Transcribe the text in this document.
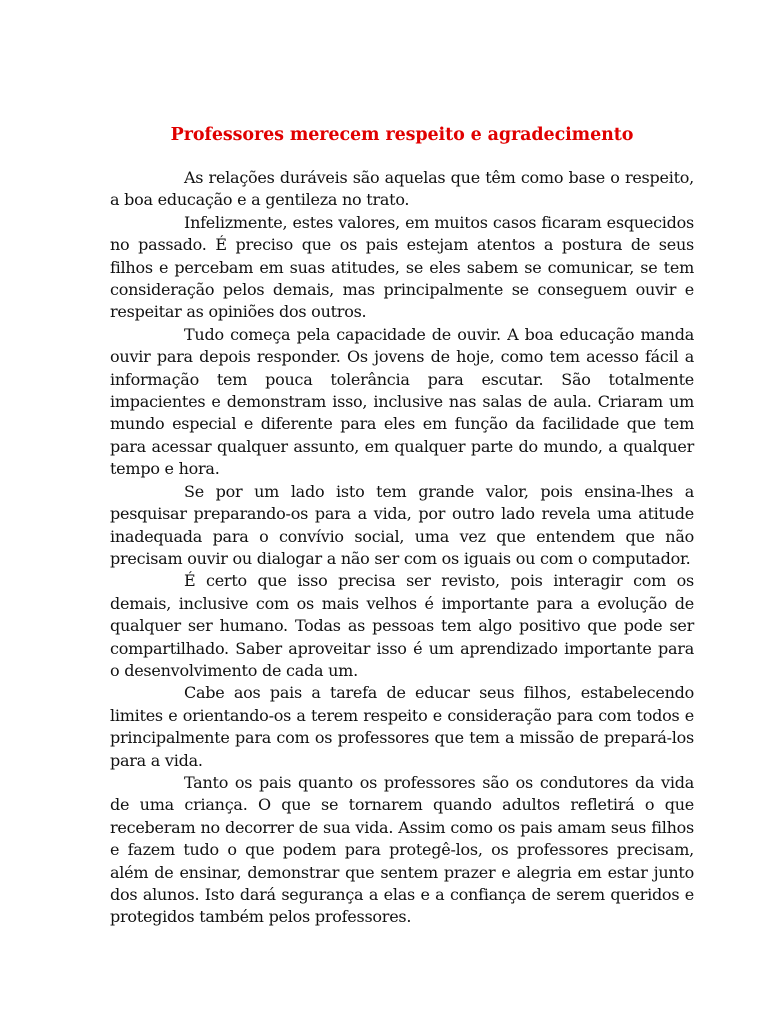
Professores merecem respeito e agradecimento

As relações duráveis são aquelas que têm como base o respeito, a boa educação e a gentileza no trato.

Infelizmente, estes valores, em muitos casos ficaram esquecidos no passado. É preciso que os pais estejam atentos a postura de seus filhos e percebam em suas atitudes, se eles sabem se comunicar, se tem consideração pelos demais, mas principalmente se conseguem ouvir e respeitar as opiniões dos outros.

Tudo começa pela capacidade de ouvir. A boa educação manda ouvir para depois responder. Os jovens de hoje, como tem acesso fácil a informação tem pouca tolerância para escutar. São totalmente impacientes e demonstram isso, inclusive nas salas de aula. Criaram um mundo especial e diferente para eles em função da facilidade que tem para acessar qualquer assunto, em qualquer parte do mundo, a qualquer tempo e hora.

Se por um lado isto tem grande valor, pois ensina-lhes a pesquisar preparando-os para a vida, por outro lado revela uma atitude inadequada para o convívio social, uma vez que entendem que não precisam ouvir ou dialogar a não ser com os iguais ou com o computador.

É certo que isso precisa ser revisto, pois interagir com os demais, inclusive com os mais velhos é importante para a evolução de qualquer ser humano. Todas as pessoas tem algo positivo que pode ser compartilhado. Saber aproveitar isso é um aprendizado importante para o desenvolvimento de cada um.

Cabe aos pais a tarefa de educar seus filhos, estabelecendo limites e orientando-os a terem respeito e consideração para com todos e principalmente para com os professores que tem a missão de prepará-los para a vida.

Tanto os pais quanto os professores são os condutores da vida de uma criança. O que se tornarem quando adultos refletirá o que receberam no decorrer de sua vida. Assim como os pais amam seus filhos e fazem tudo o que podem para protegê-los, os professores precisam, além de ensinar, demonstrar que sentem prazer e alegria em estar junto dos alunos. Isto dará segurança a elas e a confiança de serem queridos e protegidos também pelos professores.
